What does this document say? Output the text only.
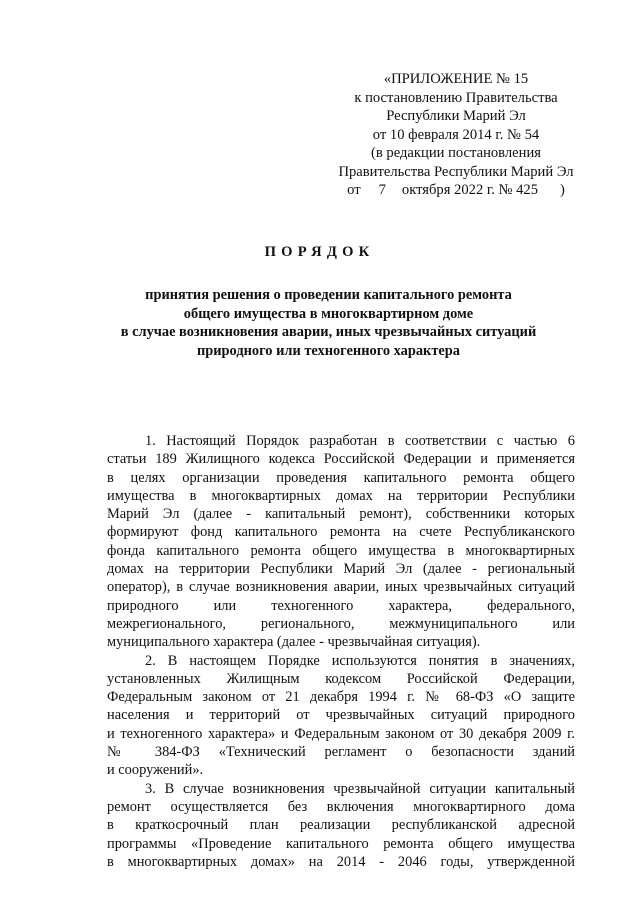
«ПРИЛОЖЕНИЕ № 15
к постановлению Правительства
Республики Марий Эл
от 10 февраля 2014 г. № 54
(в редакции постановления
Правительства Республики Марий Эл
от 7 октября 2022 г. № 425 )
ПОРЯДОК
принятия решения о проведении капитального ремонта
общего имущества в многоквартирном доме
в случае возникновения аварии, иных чрезвычайных ситуаций
природного или техногенного характера
1. Настоящий Порядок разработан в соответствии с частью 6
статьи 189 Жилищного кодекса Российской Федерации и применяется
в целях организации проведения капитального ремонта общего
имущества в многоквартирных домах на территории Республики
Марий Эл (далее - капитальный ремонт), собственники которых
формируют фонд капитального ремонта на счете Республиканского
фонда капитального ремонта общего имущества в многоквартирных
домах на территории Республики Марий Эл (далее - региональный
оператор), в случае возникновения аварии, иных чрезвычайных ситуаций
природного или техногенного характера, федерального,
межрегионального, регионального, межмуниципального или
муниципального характера (далее - чрезвычайная ситуация).
2. В настоящем Порядке используются понятия в значениях,
установленных Жилищным кодексом Российской Федерации,
Федеральным законом от 21 декабря 1994 г. № 68-ФЗ «О защите
населения и территорий от чрезвычайных ситуаций природного
и техногенного характера» и Федеральным законом от 30 декабря 2009 г.
№ 384-ФЗ «Технический регламент о безопасности зданий
и сооружений».
3. В случае возникновения чрезвычайной ситуации капитальный
ремонт осуществляется без включения многоквартирного дома
в краткосрочный план реализации республиканской адресной
программы «Проведение капитального ремонта общего имущества
в многоквартирных домах» на 2014 - 2046 годы, утвержденной
